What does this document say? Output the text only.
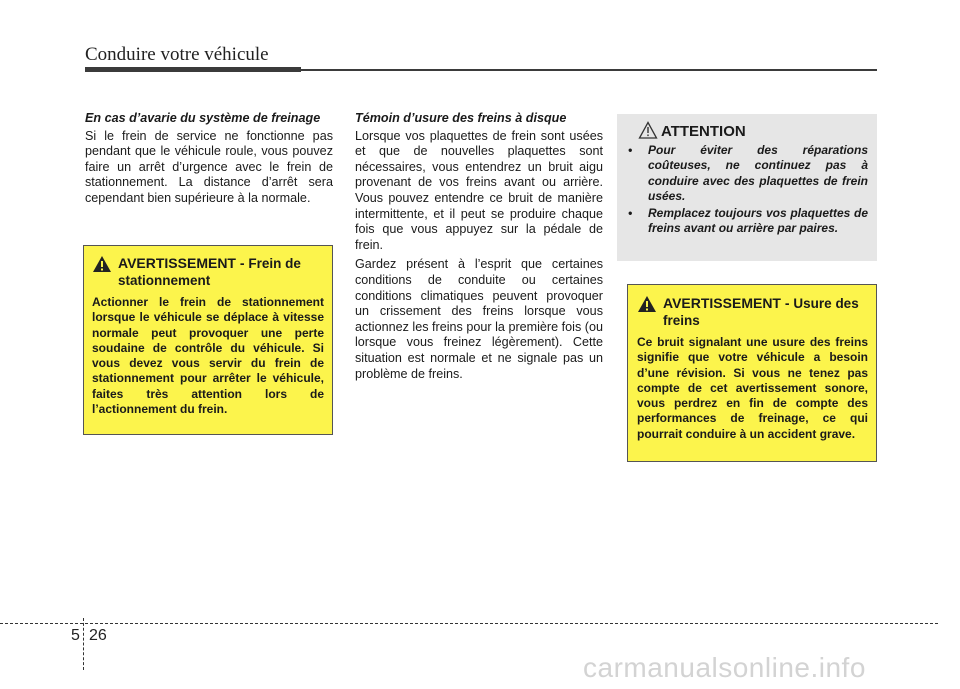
Conduire votre véhicule

En cas d’avarie du système de freinage

Si le frein de service ne fonctionne pas pendant que le véhicule roule, vous pouvez faire un arrêt d’urgence avec le frein de stationnement. La distance d’arrêt sera cependant bien supérieure à la normale.

AVERTISSEMENT - Frein de stationnement
Actionner le frein de stationnement lorsque le véhicule se déplace à vitesse normale peut provoquer une perte soudaine de contrôle du véhicule. Si vous devez vous servir du frein de stationnement pour arrêter le véhicule, faites très attention lors de l’actionnement du frein.

Témoin d’usure des freins à disque

Lorsque vos plaquettes de frein sont usées et que de nouvelles plaquettes sont nécessaires, vous entendrez un bruit aigu provenant de vos freins avant ou arrière. Vous pouvez entendre ce bruit de manière intermittente, et il peut se produire chaque fois que vous appuyez sur la pédale de frein.

Gardez présent à l’esprit que certaines conditions de conduite ou certaines conditions climatiques peuvent provoquer un crissement des freins lorsque vous actionnez les freins pour la première fois (ou lorsque vous freinez légèrement). Cette situation est normale et ne signale pas un problème de freins.

ATTENTION
• Pour éviter des réparations coûteuses, ne continuez pas à conduire avec des plaquettes de frein usées.
• Remplacez toujours vos plaquettes de freins avant ou arrière par paires.
AVERTISSEMENT - Usure des freins
Ce bruit signalant une usure des freins signifie que votre véhicule a besoin d’une révision. Si vous ne tenez pas compte de cet avertissement sonore, vous perdrez en fin de compte des performances de freinage, ce qui pourrait conduire à un accident grave.
5 26
carmanualsonline.info
